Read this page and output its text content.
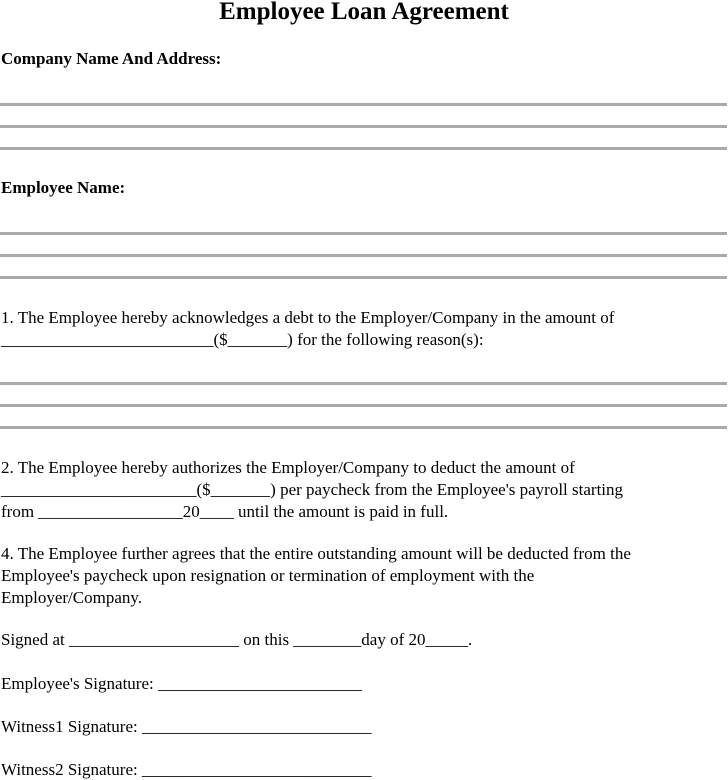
Employee Loan Agreement
Company Name And Address:
Employee Name:
1. The Employee hereby acknowledges a debt to the Employer/Company in the amount of
_________________________($_______) for the following reason(s):
2. The Employee hereby authorizes the Employer/Company to deduct the amount of
_______________________($_______) per paycheck from the Employee's payroll starting
from _________________20____ until the amount is paid in full.
4. The Employee further agrees that the entire outstanding amount will be deducted from the
Employee's paycheck upon resignation or termination of employment with the
Employer/Company.
Signed at ____________________ on this ________day of 20_____.
Employee's Signature: ________________________
Witness1 Signature: ___________________________
Witness2 Signature: ___________________________
